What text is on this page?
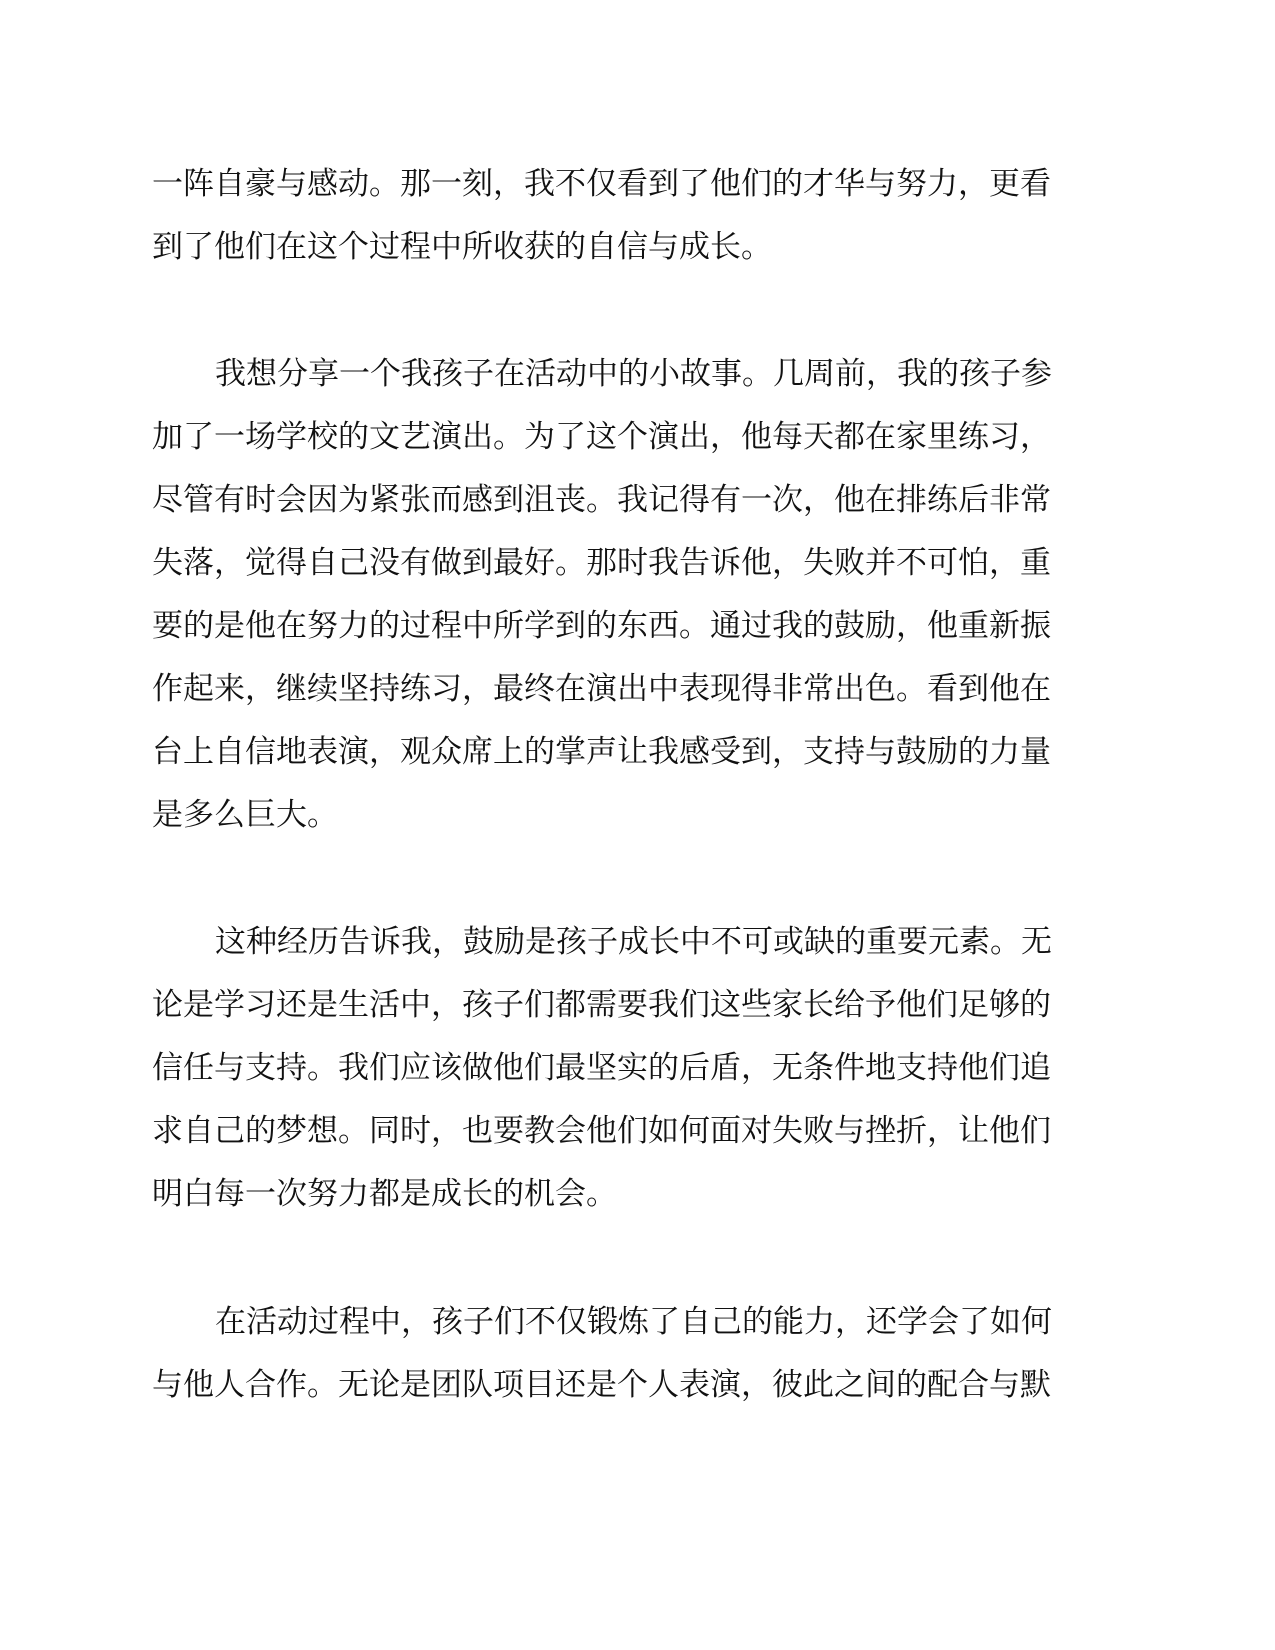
一阵自豪与感动。那一刻，我不仅看到了他们的才华与努力，更看
到了他们在这个过程中所收获的自信与成长。
我想分享一个我孩子在活动中的小故事。几周前，我的孩子参
加了一场学校的文艺演出。为了这个演出，他每天都在家里练习，
尽管有时会因为紧张而感到沮丧。我记得有一次，他在排练后非常
失落，觉得自己没有做到最好。那时我告诉他，失败并不可怕，重
要的是他在努力的过程中所学到的东西。通过我的鼓励，他重新振
作起来，继续坚持练习，最终在演出中表现得非常出色。看到他在
台上自信地表演，观众席上的掌声让我感受到，支持与鼓励的力量
是多么巨大。
这种经历告诉我，鼓励是孩子成长中不可或缺的重要元素。无
论是学习还是生活中，孩子们都需要我们这些家长给予他们足够的
信任与支持。我们应该做他们最坚实的后盾，无条件地支持他们追
求自己的梦想。同时，也要教会他们如何面对失败与挫折，让他们
明白每一次努力都是成长的机会。
在活动过程中，孩子们不仅锻炼了自己的能力，还学会了如何
与他人合作。无论是团队项目还是个人表演，彼此之间的配合与默
